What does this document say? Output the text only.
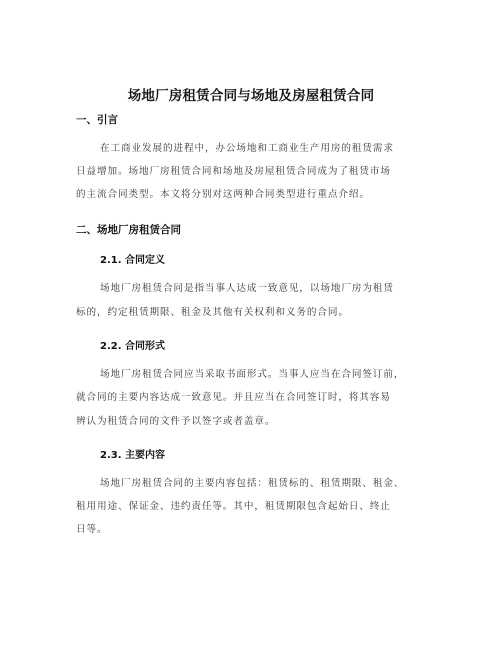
场地厂房租赁合同与场地及房屋租赁合同
一、引言
在工商业发展的进程中，办公场地和工商业生产用房的租赁需求
日益增加。场地厂房租赁合同和场地及房屋租赁合同成为了租赁市场
的主流合同类型。本文将分别对这两种合同类型进行重点介绍。
二、场地厂房租赁合同
2.1. 合同定义
场地厂房租赁合同是指当事人达成一致意见，以场地厂房为租赁
标的，约定租赁期限、租金及其他有关权利和义务的合同。
2.2. 合同形式
场地厂房租赁合同应当采取书面形式。当事人应当在合同签订前，
就合同的主要内容达成一致意见。并且应当在合同签订时，将其容易
辨认为租赁合同的文件予以签字或者盖章。
2.3. 主要内容
场地厂房租赁合同的主要内容包括：租赁标的、租赁期限、租金、
租用用途、保证金、违约责任等。其中，租赁期限包含起始日、终止
日等。
